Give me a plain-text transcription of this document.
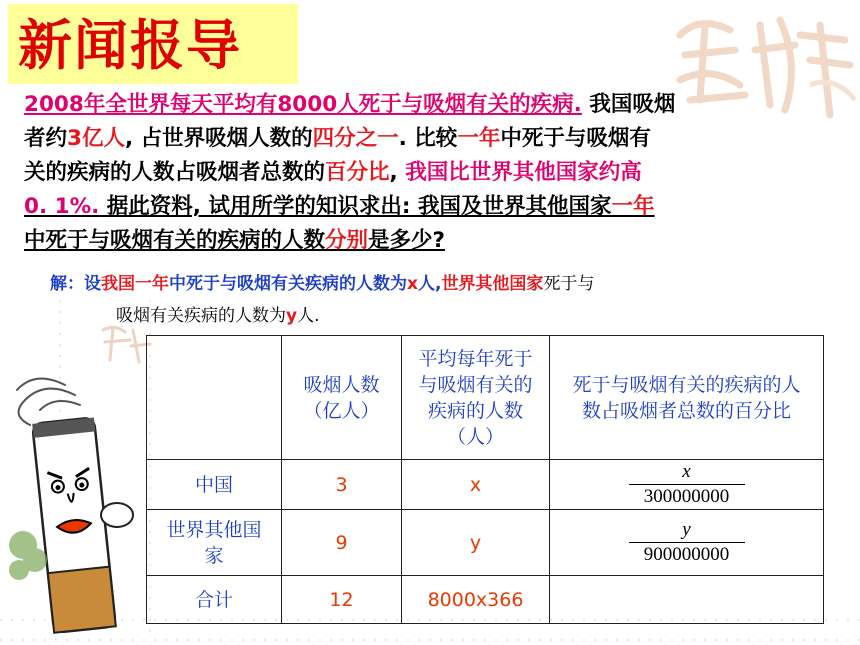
新闻报导
2008年全世界每天平均有8000人死于与吸烟有关的疾病. 我国吸烟
者约3亿人, 占世界吸烟人数的四分之一. 比较一年中死于与吸烟有
关的疾病的人数占吸烟者总数的百分比, 我国比世界其他国家约高
0. 1%. 据此资料, 试用所学的知识求出: 我国及世界其他国家一年
中死于与吸烟有关的疾病的人数分别是多少?
解：设我国一年中死于与吸烟有关疾病的人数为x人,世界其他国家死于与
吸烟有关疾病的人数为y人.

	吸烟人数（亿人）	平均每年死于与吸烟有关的疾病的人数（人）	死于与吸烟有关的疾病的人数占吸烟者总数的百分比

中国	3	x	$\frac{x}{300000000}$

世界其他国家	9	y	$\frac{y}{900000000}$

合计	12	8000x366	
